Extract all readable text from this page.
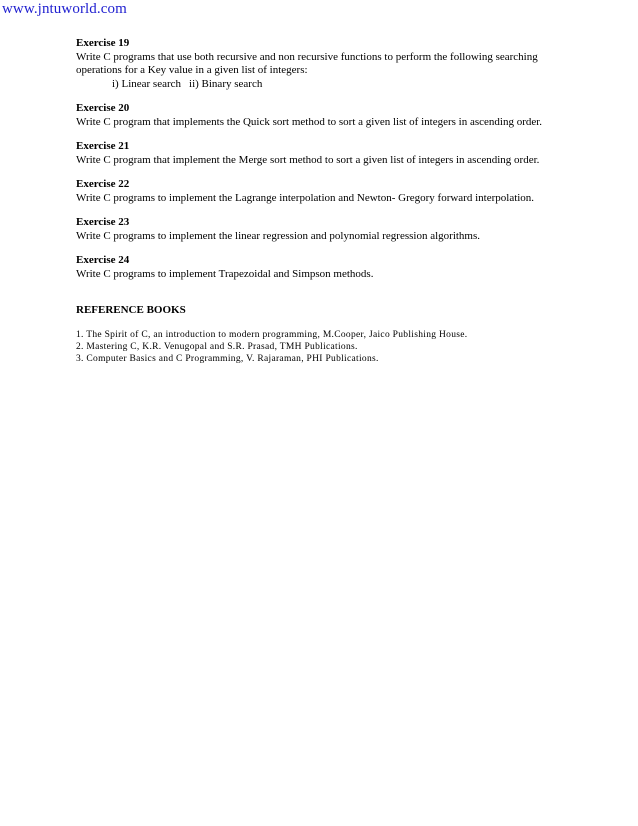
www.jntuworld.com
Exercise 19
Write C programs that use both recursive and non recursive functions to perform the following searching
operations for a Key value in a given list of integers:
i) Linear search ii) Binary search
Exercise 20
Write C program that implements the Quick sort method to sort a given list of integers in ascending order.
Exercise 21
Write C program that implement the Merge sort method to sort a given list of integers in ascending order.
Exercise 22
Write C programs to implement the Lagrange interpolation and Newton- Gregory forward interpolation.
Exercise 23
Write C programs to implement the linear regression and polynomial regression algorithms.
Exercise 24
Write C programs to implement Trapezoidal and Simpson methods.
REFERENCE BOOKS
1. The Spirit of C, an introduction to modern programming, M.Cooper, Jaico Publishing House.
2. Mastering C, K.R. Venugopal and S.R. Prasad, TMH Publications.
3. Computer Basics and C Programming, V. Rajaraman, PHI Publications.
